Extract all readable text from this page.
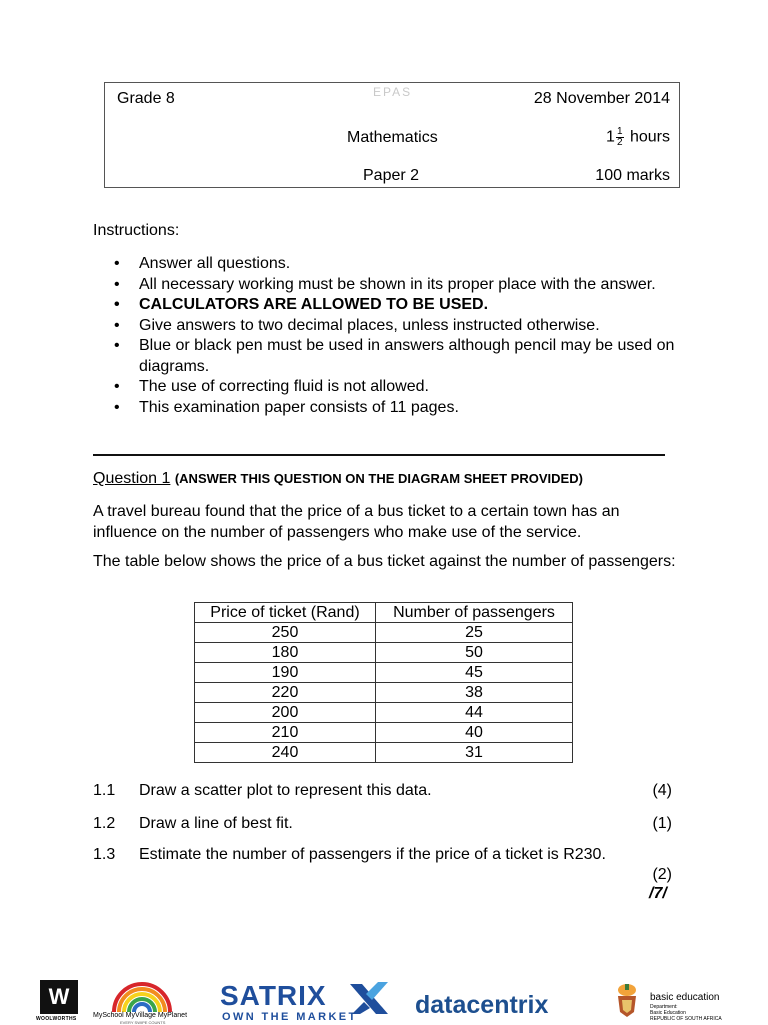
Grade 8	EPAS	28 November 2014
Mathematics	$1 \frac{1}{2}$ hours
Paper 2	100 marks
Instructions:
• Answer all questions.
• All necessary working must be shown in its proper place with the answer.
• CALCULATORS ARE ALLOWED TO BE USED.
• Give answers to two decimal places, unless instructed otherwise.
• Blue or black pen must be used in answers although pencil may be used on diagrams.
• The use of correcting fluid is not allowed.
• This examination paper consists of 11 pages.
Question 1 (ANSWER THIS QUESTION ON THE DIAGRAM SHEET PROVIDED)
A travel bureau found that the price of a bus ticket to a certain town has an influence on the number of passengers who make use of the service.
The table below shows the price of a bus ticket against the number of passengers:
Price of ticket (Rand)	Number of passengers
250	25
180	50
190	45
220	38
200	44
210	40
240	31
1.1 Draw a scatter plot to represent this data.	(4)
1.2 Draw a line of best fit.	(1)
1.3 Estimate the number of passengers if the price of a ticket is R230.
(2)
/7/
W
WOOLWORTHS MySchool MyVillage MyPlanet
EVERY SWIPE COUNTS
SATRIX
OWN THE MARKET datacentrix	basic education
Department:
Basic Education
REPUBLIC OF SOUTH AFRICA
